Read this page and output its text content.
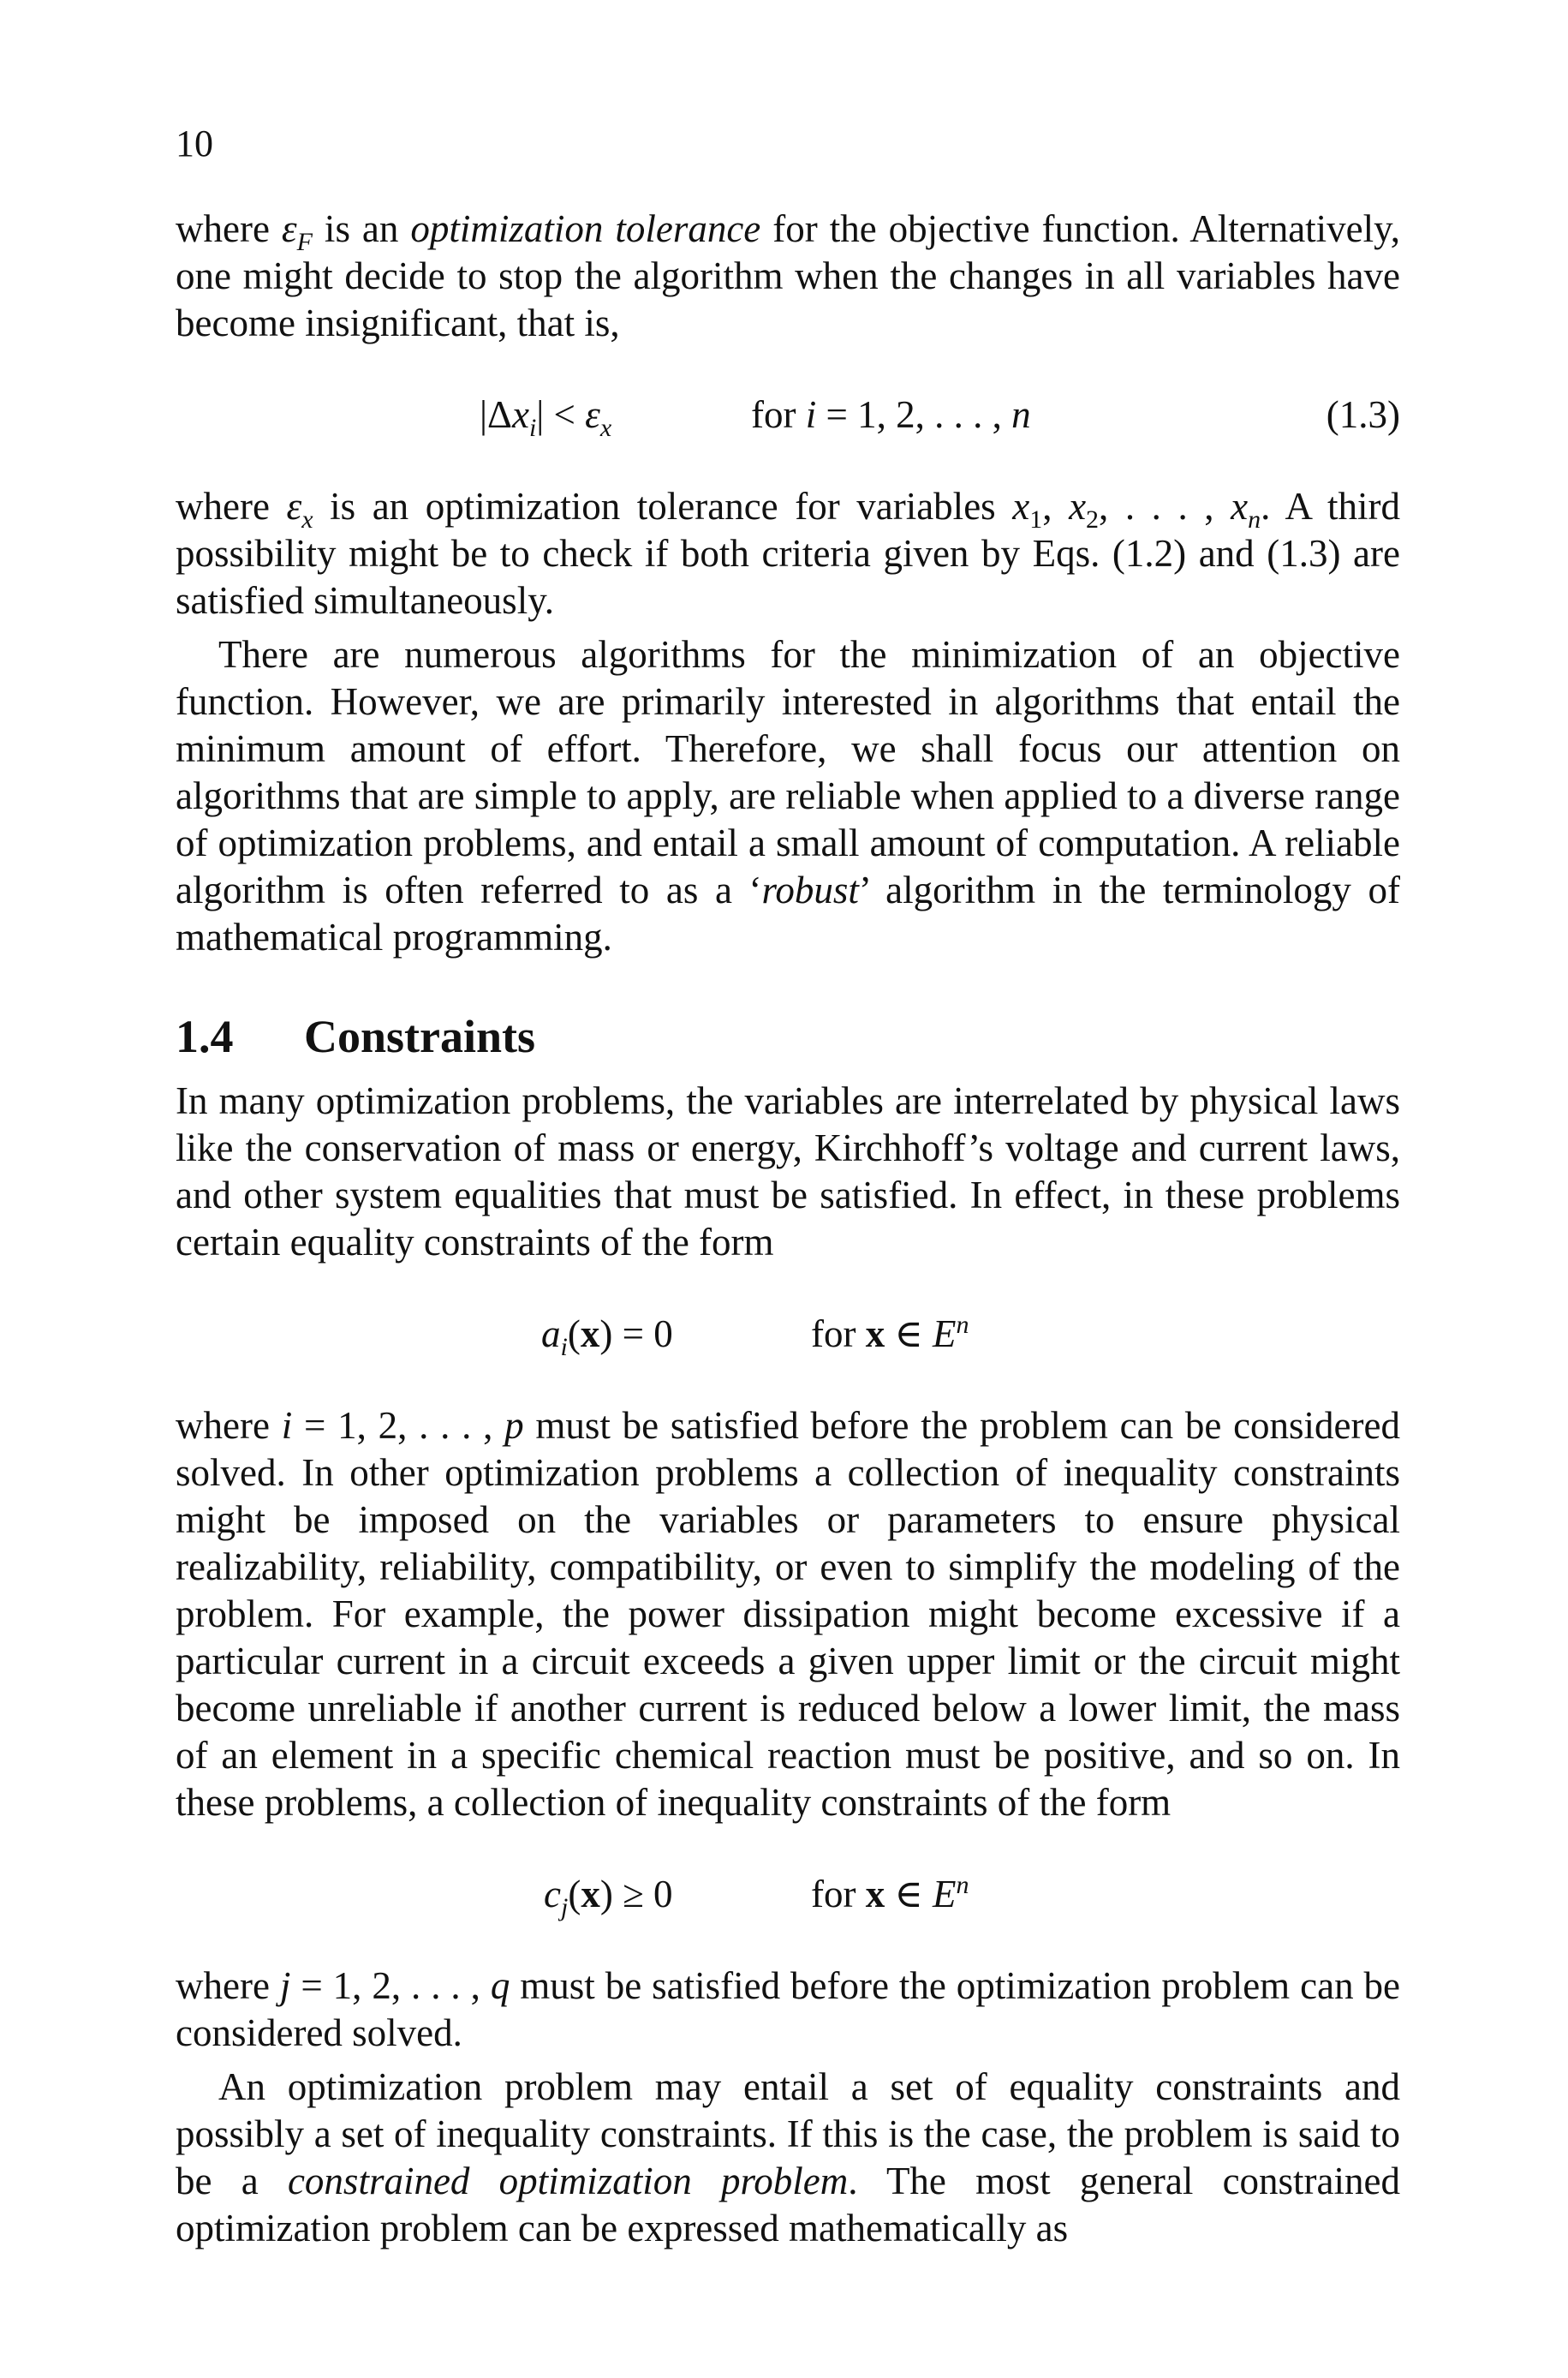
10

where $\varepsilon_F$ is an optimization tolerance for the objective function. Alternatively, one might decide to stop the algorithm when the changes in all variables have become insignificant, that is,

$|\Delta x_i| < \varepsilon_x$	for i = 1, 2, . . . , n	(1.3)

where $\varepsilon_x$ is an optimization tolerance for variables $x_1$, $x_2$, . . . , $x_n$. A third possibility might be to check if both criteria given by Eqs. (1.2) and (1.3) are satisfied simultaneously.

There are numerous algorithms for the minimization of an objective function. However, we are primarily interested in algorithms that entail the minimum amount of effort. Therefore, we shall focus our attention on algorithms that are simple to apply, are reliable when applied to a diverse range of optimization problems, and entail a small amount of computation. A reliable algorithm is often referred to as a ‘robust’ algorithm in the terminology of mathematical programming.

1.4 Constraints

In many optimization problems, the variables are interrelated by physical laws like the conservation of mass or energy, Kirchhoff’s voltage and current laws, and other system equalities that must be satisfied. In effect, in these problems certain equality constraints of the form

$a_i(x) = 0$	for x ∈ $E^n$

where i = 1, 2, . . . , p must be satisfied before the problem can be considered solved. In other optimization problems a collection of inequality constraints might be imposed on the variables or parameters to ensure physical realizability, reliability, compatibility, or even to simplify the modeling of the problem. For example, the power dissipation might become excessive if a particular current in a circuit exceeds a given upper limit or the circuit might become unreliable if another current is reduced below a lower limit, the mass of an element in a specific chemical reaction must be positive, and so on. In these problems, a collection of inequality constraints of the form

$c_j(x) \ge 0$	for x ∈ $E^n$

where j = 1, 2, . . . , q must be satisfied before the optimization problem can be considered solved.

An optimization problem may entail a set of equality constraints and possibly a set of inequality constraints. If this is the case, the problem is said to be a constrained optimization problem. The most general constrained optimization problem can be expressed mathematically as
